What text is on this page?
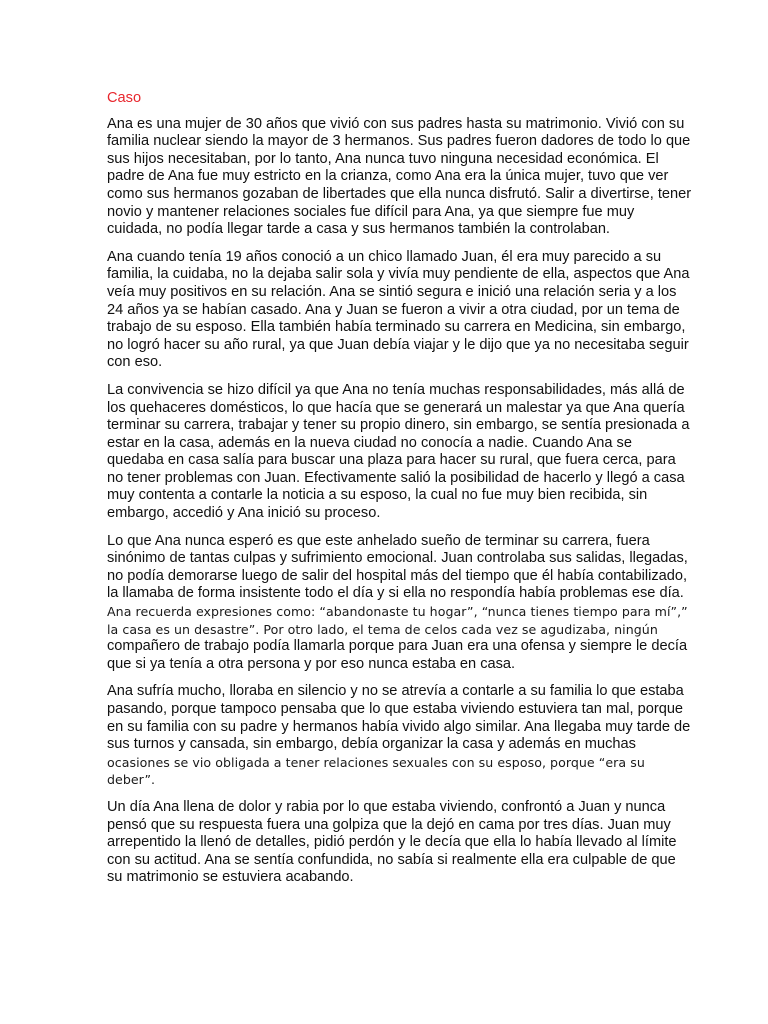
Caso
Ana es una mujer de 30 años que vivió con sus padres hasta su matrimonio. Vivió con su
familia nuclear siendo la mayor de 3 hermanos. Sus padres fueron dadores de todo lo que
sus hijos necesitaban, por lo tanto, Ana nunca tuvo ninguna necesidad económica. El
padre de Ana fue muy estricto en la crianza, como Ana era la única mujer, tuvo que ver
como sus hermanos gozaban de libertades que ella nunca disfrutó. Salir a divertirse, tener
novio y mantener relaciones sociales fue difícil para Ana, ya que siempre fue muy
cuidada, no podía llegar tarde a casa y sus hermanos también la controlaban.
Ana cuando tenía 19 años conoció a un chico llamado Juan, él era muy parecido a su
familia, la cuidaba, no la dejaba salir sola y vivía muy pendiente de ella, aspectos que Ana
veía muy positivos en su relación. Ana se sintió segura e inició una relación seria y a los
24 años ya se habían casado. Ana y Juan se fueron a vivir a otra ciudad, por un tema de
trabajo de su esposo. Ella también había terminado su carrera en Medicina, sin embargo,
no logró hacer su año rural, ya que Juan debía viajar y le dijo que ya no necesitaba seguir
con eso.
La convivencia se hizo difícil ya que Ana no tenía muchas responsabilidades, más allá de
los quehaceres domésticos, lo que hacía que se generará un malestar ya que Ana quería
terminar su carrera, trabajar y tener su propio dinero, sin embargo, se sentía presionada a
estar en la casa, además en la nueva ciudad no conocía a nadie. Cuando Ana se
quedaba en casa salía para buscar una plaza para hacer su rural, que fuera cerca, para
no tener problemas con Juan. Efectivamente salió la posibilidad de hacerlo y llegó a casa
muy contenta a contarle la noticia a su esposo, la cual no fue muy bien recibida, sin
embargo, accedió y Ana inició su proceso.
Lo que Ana nunca esperó es que este anhelado sueño de terminar su carrera, fuera
sinónimo de tantas culpas y sufrimiento emocional. Juan controlaba sus salidas, llegadas,
no podía demorarse luego de salir del hospital más del tiempo que él había contabilizado,
la llamaba de forma insistente todo el día y si ella no respondía había problemas ese día.
Ana recuerda expresiones como: “abandonaste tu hogar”, “nunca tienes tiempo para mí”,”
la casa es un desastre”. Por otro lado, el tema de celos cada vez se agudizaba, ningún
compañero de trabajo podía llamarla porque para Juan era una ofensa y siempre le decía
que si ya tenía a otra persona y por eso nunca estaba en casa.
Ana sufría mucho, lloraba en silencio y no se atrevía a contarle a su familia lo que estaba
pasando, porque tampoco pensaba que lo que estaba viviendo estuviera tan mal, porque
en su familia con su padre y hermanos había vivido algo similar. Ana llegaba muy tarde de
sus turnos y cansada, sin embargo, debía organizar la casa y además en muchas
ocasiones se vio obligada a tener relaciones sexuales con su esposo, porque “era su
deber”.
Un día Ana llena de dolor y rabia por lo que estaba viviendo, confrontó a Juan y nunca
pensó que su respuesta fuera una golpiza que la dejó en cama por tres días. Juan muy
arrepentido la llenó de detalles, pidió perdón y le decía que ella lo había llevado al límite
con su actitud. Ana se sentía confundida, no sabía si realmente ella era culpable de que
su matrimonio se estuviera acabando.
